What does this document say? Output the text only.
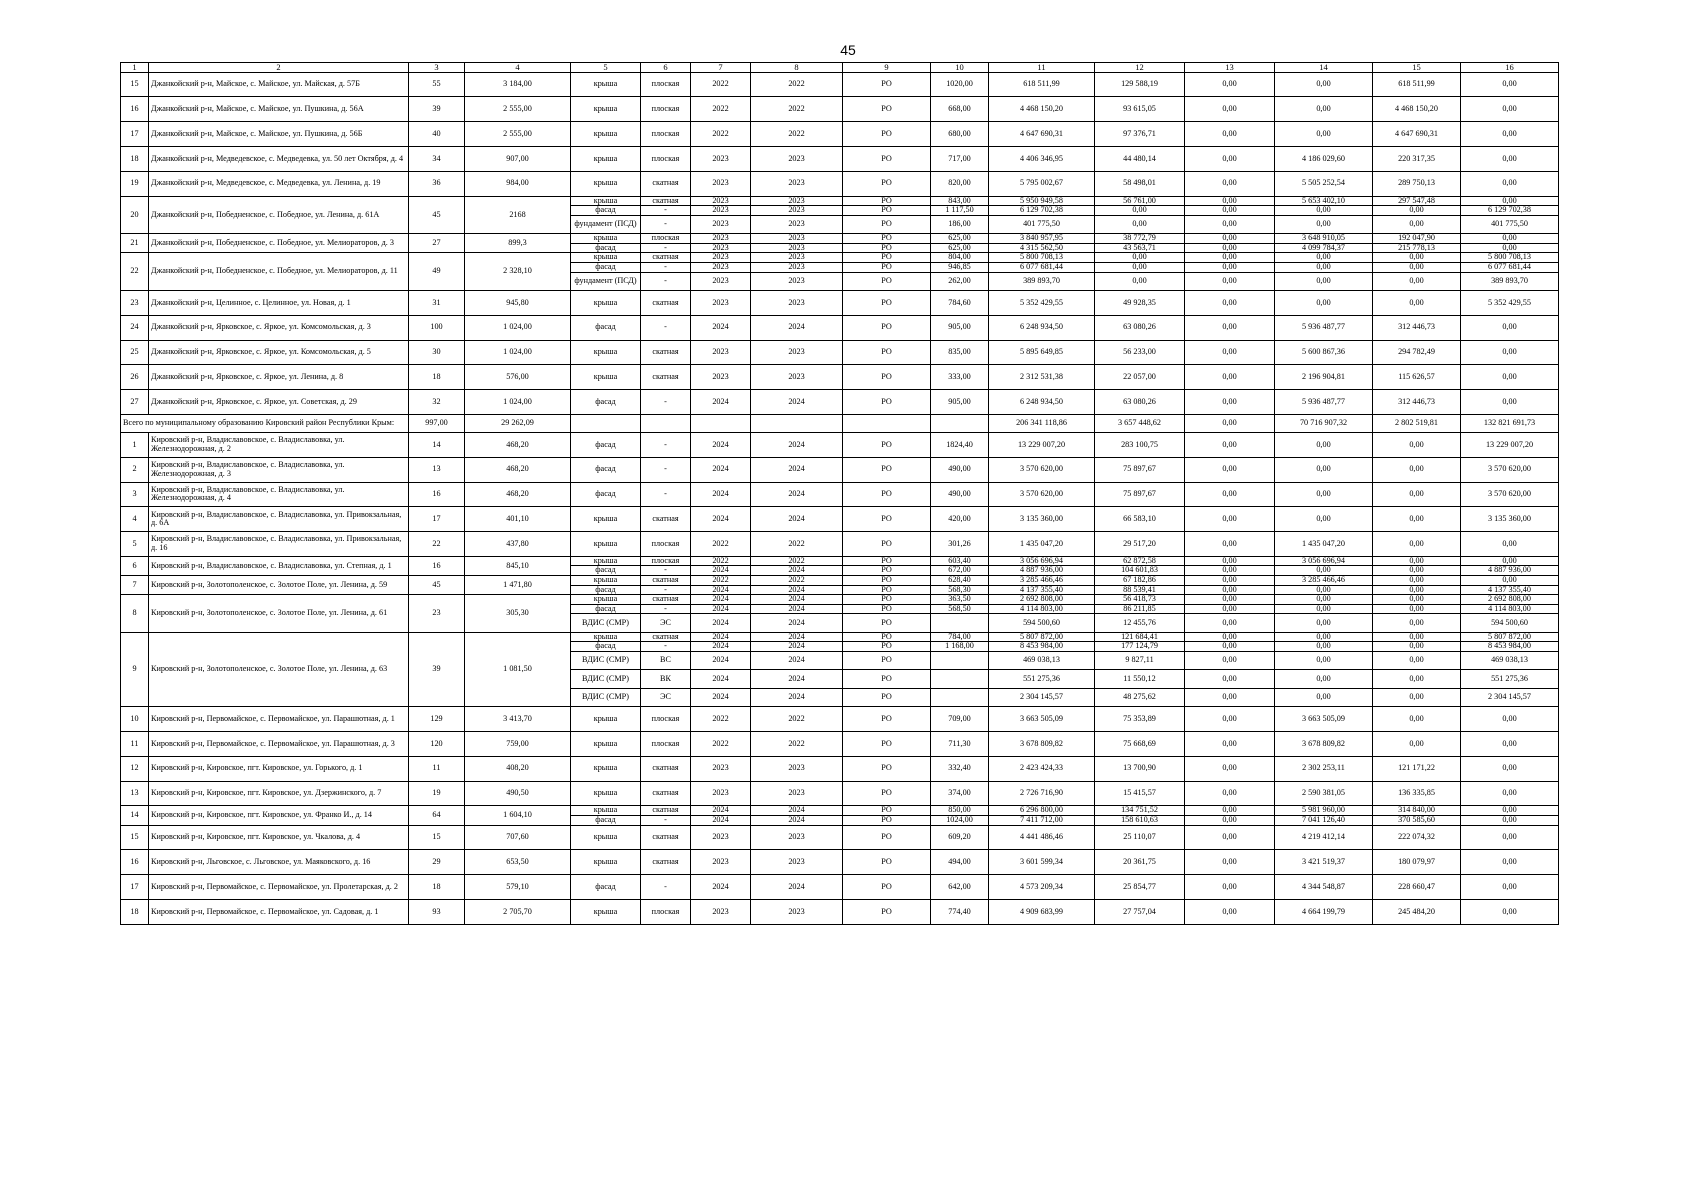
45
1	2	3	4	5	6	7	8	9	10	11	12	13	14	15	16
15	Джанкойский р-н, Майское, с. Майское, ул. Майская, д. 57Б	55	3 184,00	крыша	плоская	2022	2022	РО	1020,00	618 511,99	129 588,19	0,00	0,00	618 511,99	0,00
16	Джанкойский р-н, Майское, с. Майское, ул. Пушкина, д. 56А	39	2 555,00	крыша	плоская	2022	2022	РО	668,00	4 468 150,20	93 615,05	0,00	0,00	4 468 150,20	0,00
17	Джанкойский р-н, Майское, с. Майское, ул. Пушкина, д. 56Б	40	2 555,00	крыша	плоская	2022	2022	РО	680,00	4 647 690,31	97 376,71	0,00	0,00	4 647 690,31	0,00
18	Джанкойский р-н, Медведевское, с. Медведевка, ул. 50 лет Октября, д. 4	34	907,00	крыша	плоская	2023	2023	РО	717,00	4 406 346,95	44 480,14	0,00	4 186 029,60	220 317,35	0,00
19	Джанкойский р-н, Медведевское, с. Медведевка, ул. Ленина, д. 19	36	984,00	крыша	скатная	2023	2023	РО	820,00	5 795 002,67	58 498,01	0,00	5 505 252,54	289 750,13	0,00
20	Джанкойский р-н, Победненское, с. Победное, ул. Ленина, д. 61А	45	2168	крыша	скатная	2023	2023	РО	843,00	5 950 949,58	56 761,00	0,00	5 653 402,10	297 547,48	0,00
				фасад	-	2023	2023	РО	1 117,50	6 129 702,38	0,00	0,00	0,00	0,00	6 129 702,38
				фундамент (ПСД)	-	2023	2023	РО	186,00	401 775,50	0,00	0,00	0,00	0,00	401 775,50
21	Джанкойский р-н, Победненское, с. Победное, ул. Мелиораторов, д. 3	27	899,3	крыша	плоская	2023	2023	РО	625,00	3 840 957,95	38 772,79	0,00	3 648 910,05	192 047,90	0,00
				фасад	-	2023	2023	РО	625,00	4 315 562,50	43 563,71	0,00	4 099 784,37	215 778,13	0,00
22	Джанкойский р-н, Победненское, с. Победное, ул. Мелиораторов, д. 11	49	2 328,10	крыша	скатная	2023	2023	РО	804,00	5 800 708,13	0,00	0,00	0,00	0,00	5 800 708,13
				фасад	-	2023	2023	РО	946,85	6 077 681,44	0,00	0,00	0,00	0,00	6 077 681,44
				фундамент (ПСД)	-	2023	2023	РО	262,00	389 893,70	0,00	0,00	0,00	0,00	389 893,70
23	Джанкойский р-н, Целинное, с. Целинное, ул. Новая, д. 1	31	945,80	крыша	скатная	2023	2023	РО	784,60	5 352 429,55	49 928,35	0,00	0,00	0,00	5 352 429,55
24	Джанкойский р-н, Ярковское, с. Яркое, ул. Комсомольская, д. 3	100	1 024,00	фасад	-	2024	2024	РО	905,00	6 248 934,50	63 080,26	0,00	5 936 487,77	312 446,73	0,00
25	Джанкойский р-н, Ярковское, с. Яркое, ул. Комсомольская, д. 5	30	1 024,00	крыша	скатная	2023	2023	РО	835,00	5 895 649,85	56 233,00	0,00	5 600 867,36	294 782,49	0,00
26	Джанкойский р-н, Ярковское, с. Яркое, ул. Ленина, д. 8	18	576,00	крыша	скатная	2023	2023	РО	333,00	2 312 531,38	22 057,00	0,00	2 196 904,81	115 626,57	0,00
27	Джанкойский р-н, Ярковское, с. Яркое, ул. Советская, д. 29	32	1 024,00	фасад	-	2024	2024	РО	905,00	6 248 934,50	63 080,26	0,00	5 936 487,77	312 446,73	0,00
Всего по муниципальному образованию Кировский район Республики Крым:		997,00	29 262,09							206 341 118,86	3 657 448,62	0,00	70 716 907,32	2 802 519,81	132 821 691,73
1	Кировский р-н, Владиславовское, с. Владиславовка, ул. Железнодорожная, д. 2	14	468,20	фасад	-	2024	2024	РО	1824,40	13 229 007,20	283 100,75	0,00	0,00	0,00	13 229 007,20
2	Кировский р-н, Владиславовское, с. Владиславовка, ул. Железнодорожная, д. 3	13	468,20	фасад	-	2024	2024	РО	490,00	3 570 620,00	75 897,67	0,00	0,00	0,00	3 570 620,00
3	Кировский р-н, Владиславовское, с. Владиславовка, ул. Железнодорожная, д. 4	16	468,20	фасад	-	2024	2024	РО	490,00	3 570 620,00	75 897,67	0,00	0,00	0,00	3 570 620,00
4	Кировский р-н, Владиславовское, с. Владиславовка, ул. Привокзальная, д. 6А	17	401,10	крыша	скатная	2024	2024	РО	420,00	3 135 360,00	66 583,10	0,00	0,00	0,00	3 135 360,00
5	Кировский р-н, Владиславовское, с. Владиславовка, ул. Привокзальная, д. 16	22	437,80	крыша	плоская	2022	2022	РО	301,26	1 435 047,20	29 517,20	0,00	1 435 047,20	0,00	0,00
6	Кировский р-н, Владиславовское, с. Владиславовка, ул. Степная, д. 1	16	845,10	крыша	плоская	2022	2022	РО	603,40	3 056 696,94	62 872,58	0,00	3 056 696,94	0,00	0,00
				фасад	-	2024	2024	РО	672,00	4 887 936,00	104 601,83	0,00	0,00	0,00	4 887 936,00
7	Кировский р-н, Золотополенское, с. Золотое Поле, ул. Ленина, д. 59	45	1 471,80	крыша	скатная	2022	2022	РО	628,40	3 285 466,46	67 182,86	0,00	3 285 466,46	0,00	0,00
				фасад	-	2024	2024	РО	568,30	4 137 355,40	88 539,41	0,00	0,00	0,00	4 137 355,40
8	Кировский р-н, Золотополенское, с. Золотое Поле, ул. Ленина, д. 61	23	305,30	крыша	скатная	2024	2024	РО	363,50	2 692 808,00	56 418,73	0,00	0,00	0,00	2 692 808,00
				фасад	-	2024	2024	РО	568,50	4 114 803,00	86 211,85	0,00	0,00	0,00	4 114 803,00
				ВДИС (СМР)	ЭС	2024	2024	РО		594 500,60	12 455,76	0,00	0,00	0,00	594 500,60
9	Кировский р-н, Золотополенское, с. Золотое Поле, ул. Ленина, д. 63	39	1 081,50	крыша	скатная	2024	2024	РО	784,00	5 807 872,00	121 684,41	0,00	0,00	0,00	5 807 872,00
				фасад	-	2024	2024	РО	1 168,00	8 453 984,00	177 124,79	0,00	0,00	0,00	8 453 984,00
				ВДИС (СМР)	ВС	2024	2024	РО		469 038,13	9 827,11	0,00	0,00	0,00	469 038,13
				ВДИС (СМР)	ВК	2024	2024	РО		551 275,36	11 550,12	0,00	0,00	0,00	551 275,36
				ВДИС (СМР)	ЭС	2024	2024	РО		2 304 145,57	48 275,62	0,00	0,00	0,00	2 304 145,57
10	Кировский р-н, Первомайское, с. Первомайское, ул. Парашютная, д. 1	129	3 413,70	крыша	плоская	2022	2022	РО	709,00	3 663 505,09	75 353,89	0,00	3 663 505,09	0,00	0,00
11	Кировский р-н, Первомайское, с. Первомайское, ул. Парашютная, д. 3	120	759,00	крыша	плоская	2022	2022	РО	711,30	3 678 809,82	75 668,69	0,00	3 678 809,82	0,00	0,00
12	Кировский р-н, Кировское, пгт. Кировское, ул. Горького, д. 1	11	408,20	крыша	скатная	2023	2023	РО	332,40	2 423 424,33	13 700,90	0,00	2 302 253,11	121 171,22	0,00
13	Кировский р-н, Кировское, пгт. Кировское, ул. Дзержинского, д. 7	19	490,50	крыша	скатная	2023	2023	РО	374,00	2 726 716,90	15 415,57	0,00	2 590 381,05	136 335,85	0,00
14	Кировский р-н, Кировское, пгт. Кировское, ул. Франко И., д. 14	64	1 604,10	крыша	скатная	2024	2024	РО	850,00	6 296 800,00	134 751,52	0,00	5 981 960,00	314 840,00	0,00
				фасад	-	2024	2024	РО	1024,00	7 411 712,00	158 610,63	0,00	7 041 126,40	370 585,60	0,00
15	Кировский р-н, Кировское, пгт. Кировское, ул. Чкалова, д. 4	15	707,60	крыша	скатная	2023	2023	РО	609,20	4 441 486,46	25 110,07	0,00	4 219 412,14	222 074,32	0,00
16	Кировский р-н, Льговское, с. Льговское, ул. Маяковского, д. 16	29	653,50	крыша	скатная	2023	2023	РО	494,00	3 601 599,34	20 361,75	0,00	3 421 519,37	180 079,97	0,00
17	Кировский р-н, Первомайское, с. Первомайское, ул. Пролетарская, д. 2	18	579,10	фасад	-	2024	2024	РО	642,00	4 573 209,34	25 854,77	0,00	4 344 548,87	228 660,47	0,00
18	Кировский р-н, Первомайское, с. Первомайское, ул. Садовая, д. 1	93	2 705,70	крыша	плоская	2023	2023	РО	774,40	4 909 683,99	27 757,04	0,00	4 664 199,79	245 484,20	0,00
